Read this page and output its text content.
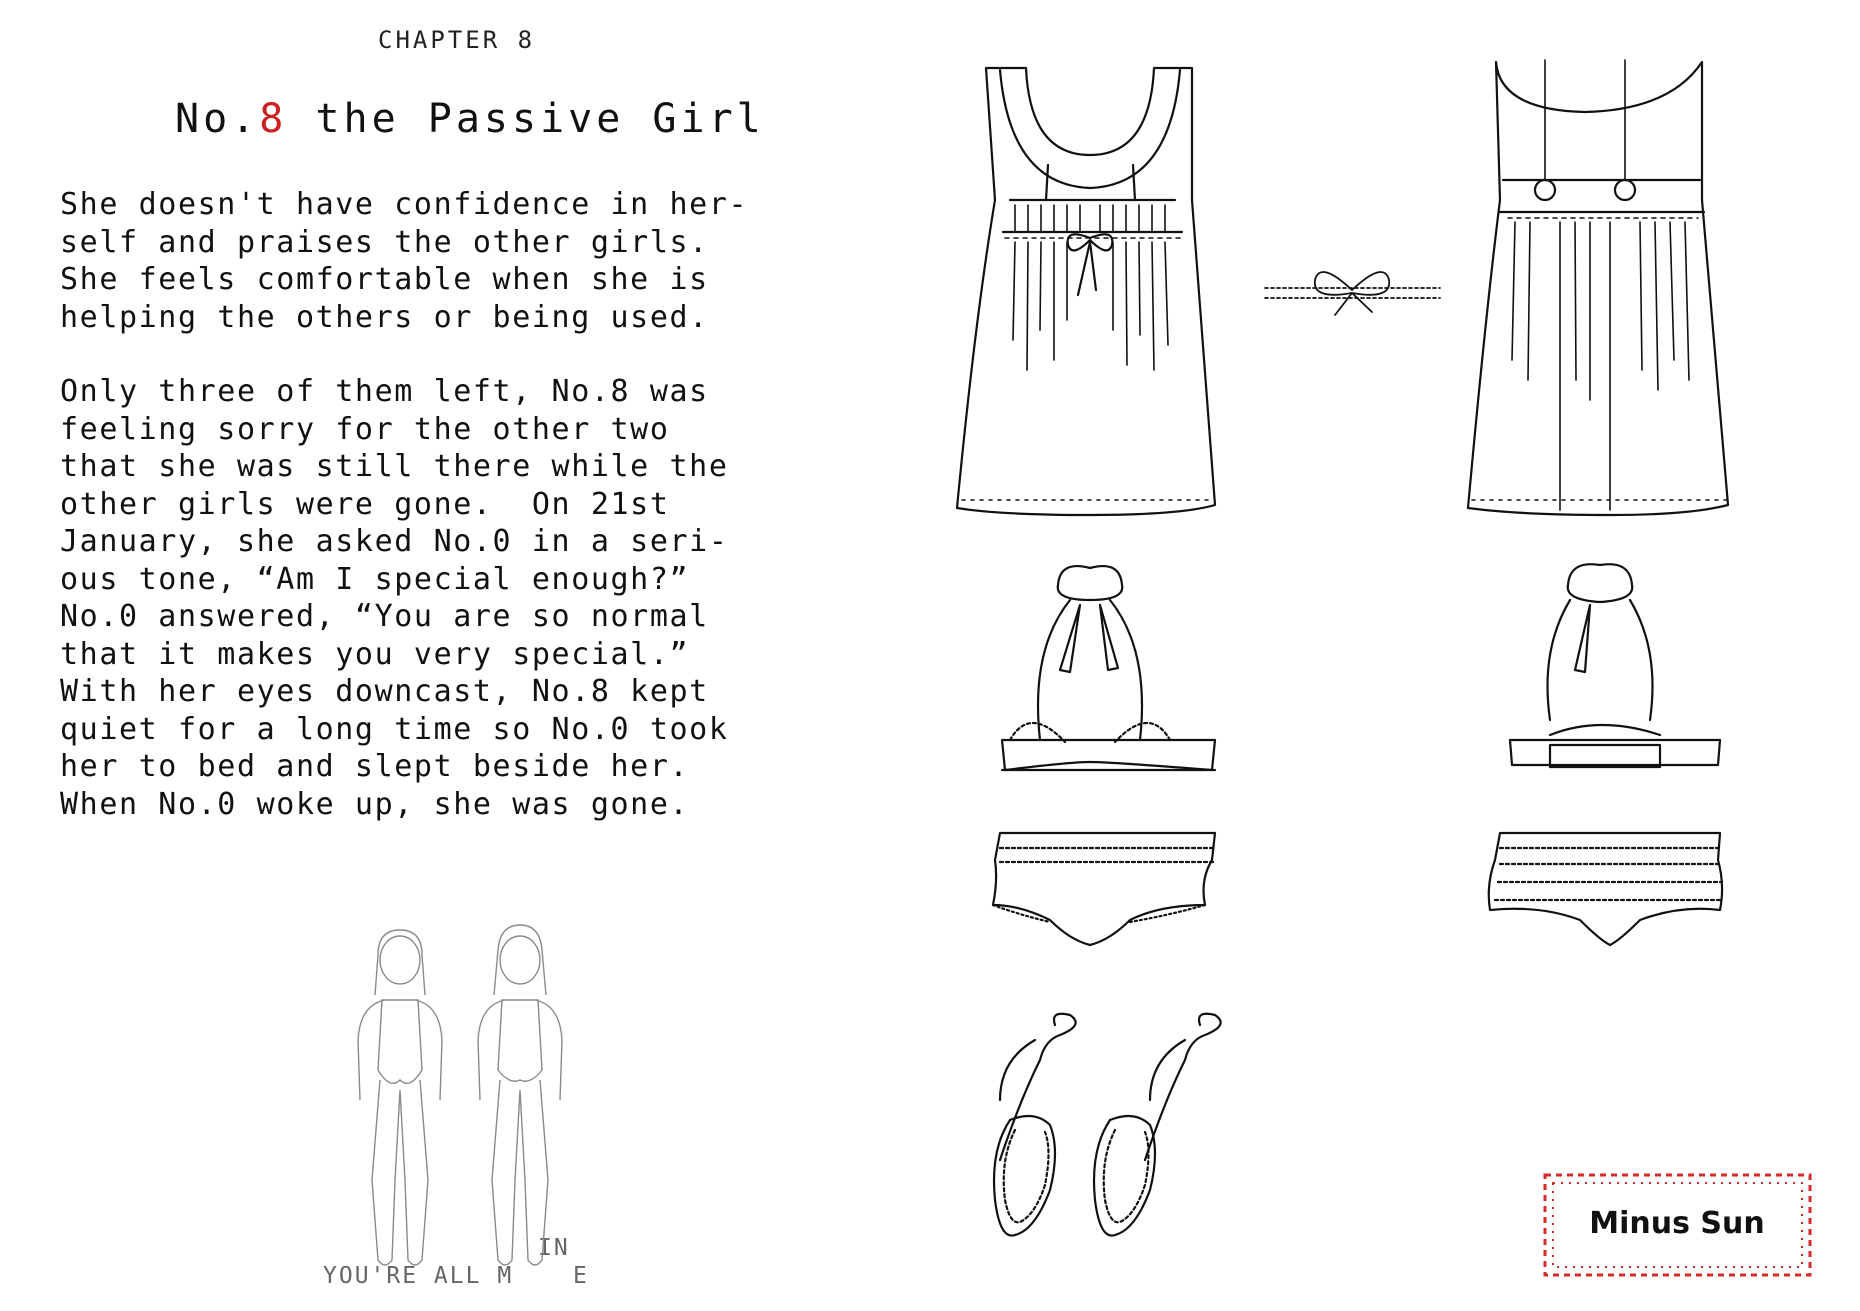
CHAPTER 8
No.8 the Passive Girl
She doesn't have confidence in her-
self and praises the other girls.
She feels comfortable when she is
helping the others or being used.
Only three of them left, No.8 was
feeling sorry for the other two
that she was still there while the
other girls were gone.  On 21st
January, she asked No.0 in a seri-
ous tone, “Am I special enough?”
No.0 answered, “You are so normal
that it makes you very special.”
With her eyes downcast, No.8 kept
quiet for a long time so No.0 took
her to bed and slept beside her.
When No.0 woke up, she was gone.
YOU'RE ALL M
IN
E
Minus Sun
